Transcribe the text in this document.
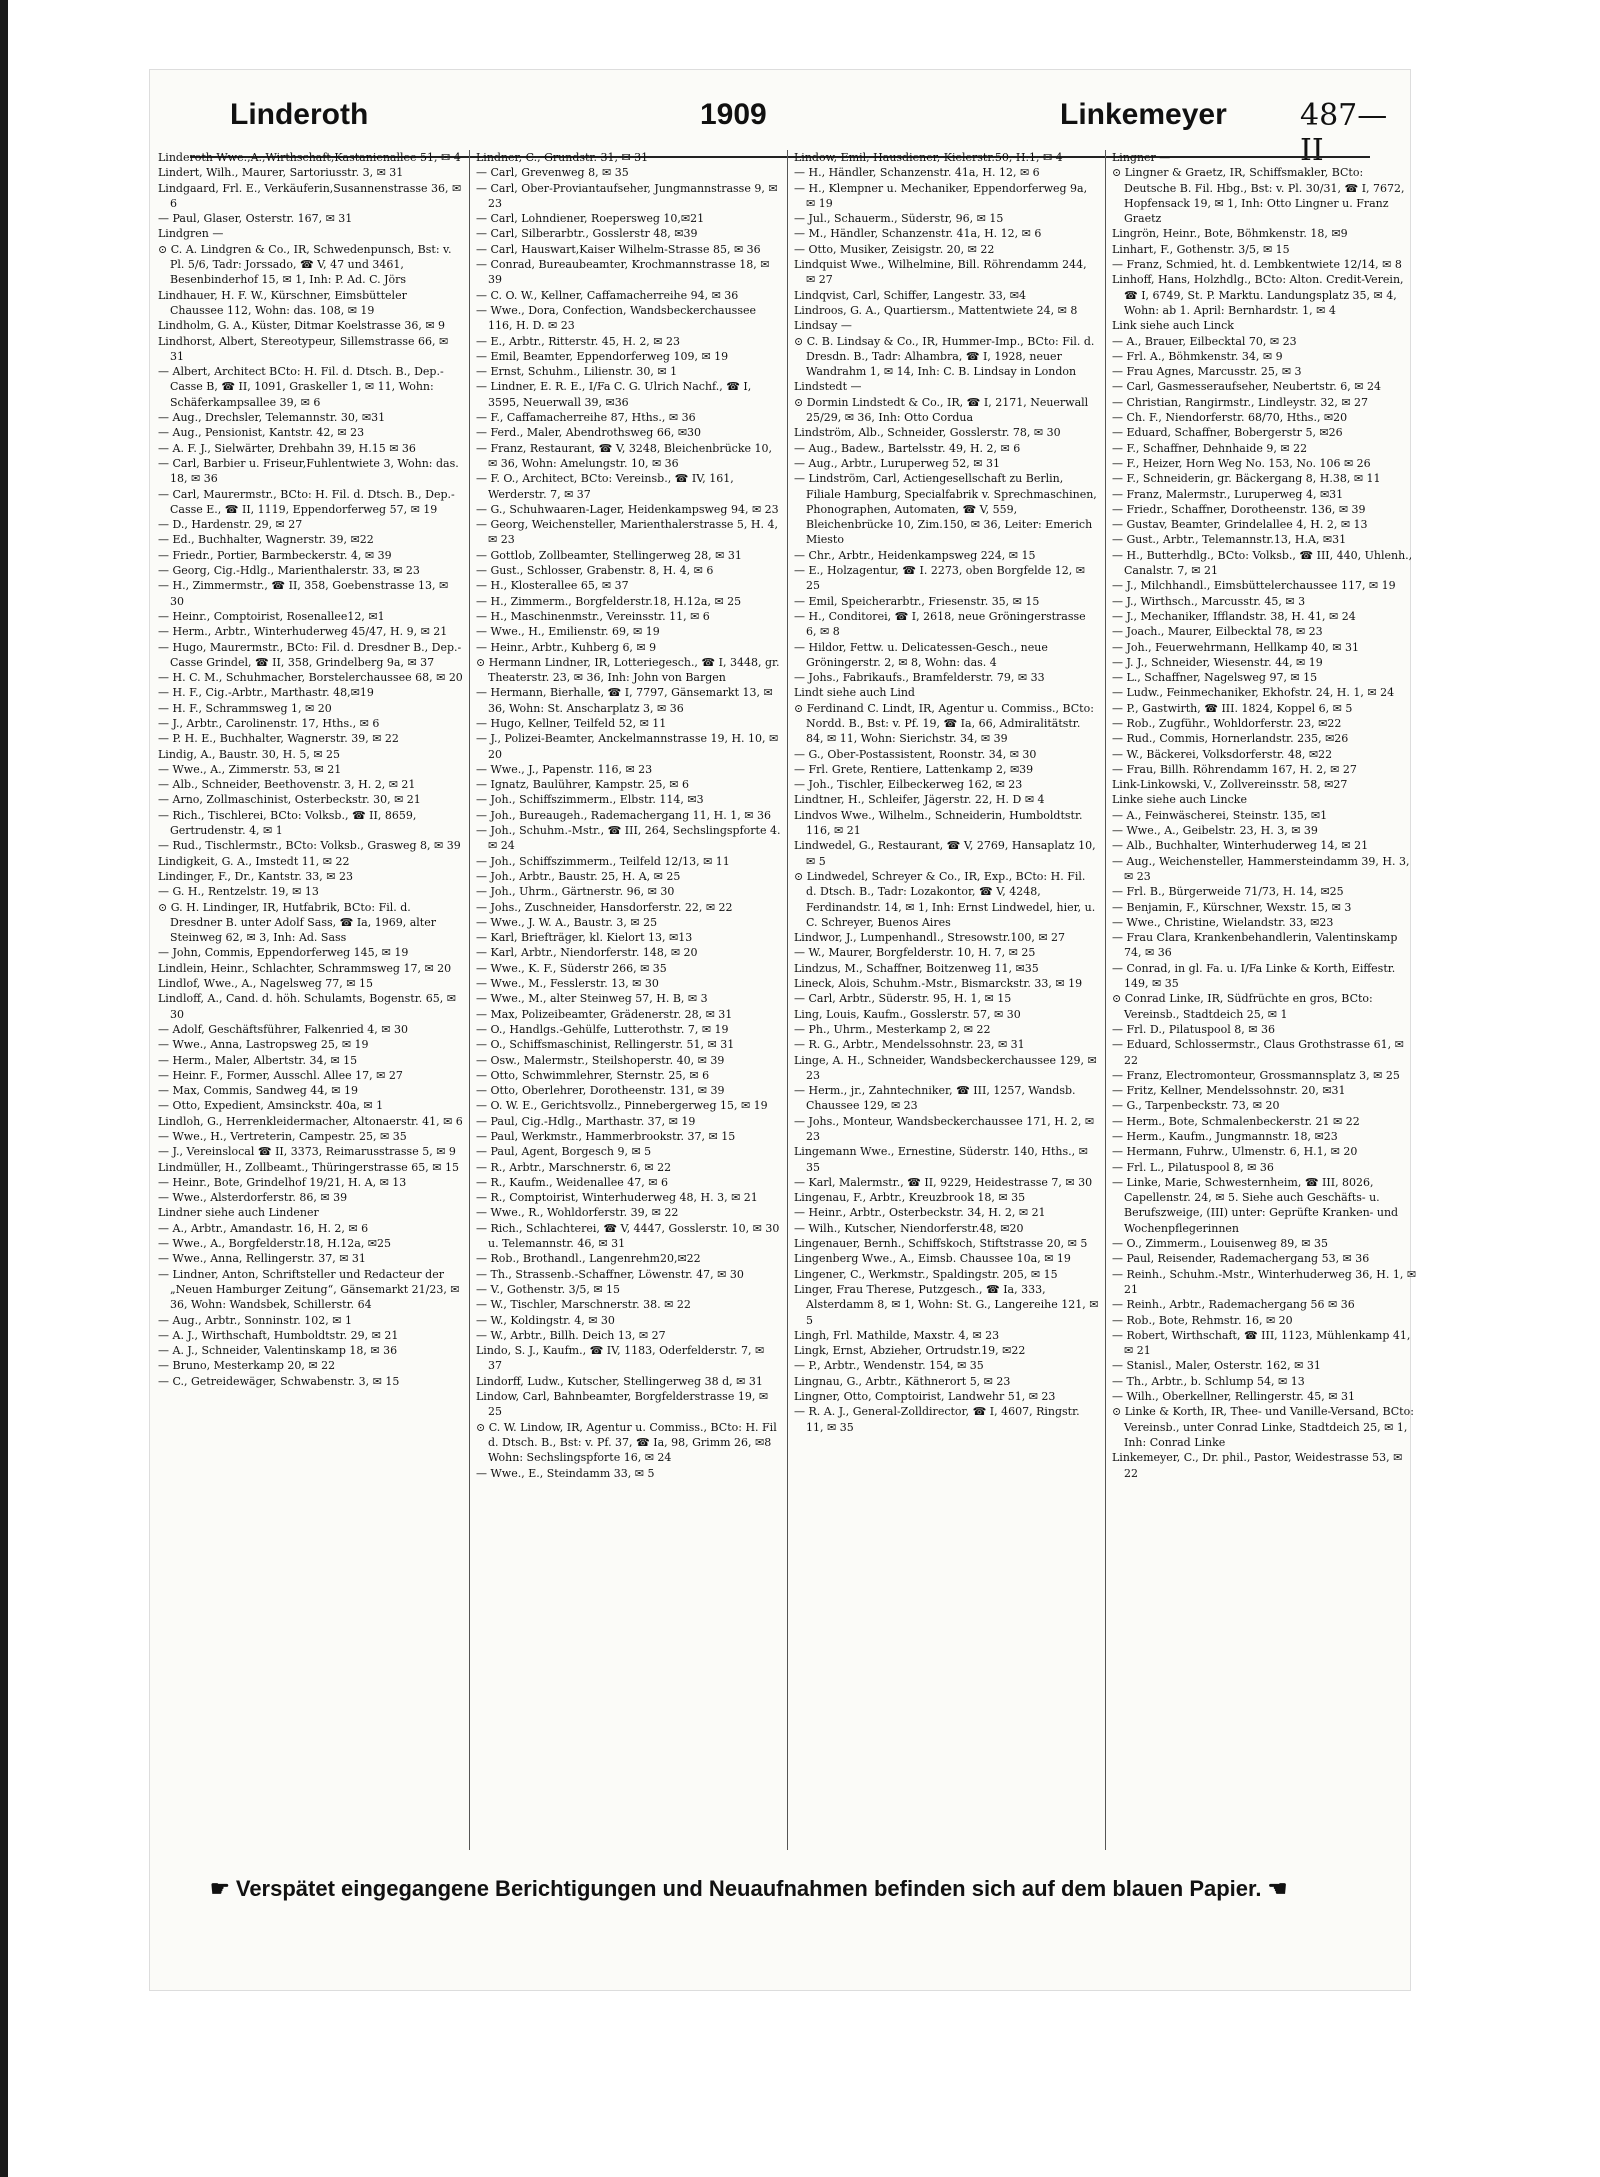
Linderoth	1909	Linkemeyer 487—II

Linderoth Wwe.,A.,Wirthschaft,Kastanienallee 51, ✉ 4

Lindert, Wilh., Maurer, Sartoriusstr. 3, ✉ 31

Lindgaard, Frl. E., Verkäuferin,Susannenstrasse 36, ✉ 6

— Paul, Glaser, Osterstr. 167, ✉ 31

Lindgren —

⊙ C. A. Lindgren & Co., IR, Schwedenpunsch, Bst: v. Pl. 5/6, Tadr: Jorssado, ☎ V, 47 und 3461, Besenbinderhof 15, ✉ 1, Inh: P. Ad. C. Jörs

Lindhauer, H. F. W., Kürschner, Eimsbütteler Chaussee 112, Wohn: das. 108, ✉ 19

Lindholm, G. A., Küster, Ditmar Koelstrasse 36, ✉ 9

Lindhorst, Albert, Stereotypeur, Sillemstrasse 66, ✉ 31

— Albert, Architect BCto: H. Fil. d. Dtsch. B., Dep.-Casse B, ☎ II, 1091, Graskeller 1, ✉ 11, Wohn: Schäferkampsallee 39, ✉ 6

— Aug., Drechsler, Telemannstr. 30, ✉31

— Aug., Pensionist, Kantstr. 42, ✉ 23

— A. F. J., Sielwärter, Drehbahn 39, H.15 ✉ 36

— Carl, Barbier u. Friseur,Fuhlentwiete 3, Wohn: das. 18, ✉ 36

— Carl, Maurermstr., BCto: H. Fil. d. Dtsch. B., Dep.-Casse E., ☎ II, 1119, Eppendorferweg 57, ✉ 19

— D., Hardenstr. 29, ✉ 27

— Ed., Buchhalter, Wagnerstr. 39, ✉22

— Friedr., Portier, Barmbeckerstr. 4, ✉ 39

— Georg, Cig.-Hdlg., Marienthalerstr. 33, ✉ 23

— H., Zimmermstr., ☎ II, 358, Goebenstrasse 13, ✉ 30

— Heinr., Comptoirist, Rosenallee12, ✉1

— Herm., Arbtr., Winterhuderweg 45/47, H. 9, ✉ 21

— Hugo, Maurermstr., BCto: Fil. d. Dresdner B., Dep.-Casse Grindel, ☎ II, 358, Grindelberg 9a, ✉ 37

— H. C. M., Schuhmacher, Borstelerchaussee 68, ✉ 20

— H. F., Cig.-Arbtr., Marthastr. 48,✉19

— H. F., Schrammsweg 1, ✉ 20

— J., Arbtr., Carolinenstr. 17, Hths., ✉ 6

— P. H. E., Buchhalter, Wagnerstr. 39, ✉ 22

Lindig, A., Baustr. 30, H. 5, ✉ 25

— Wwe., A., Zimmerstr. 53, ✉ 21

— Alb., Schneider, Beethovenstr. 3, H. 2, ✉ 21

— Arno, Zollmaschinist, Osterbeckstr. 30, ✉ 21

— Rich., Tischlerei, BCto: Volksb., ☎ II, 8659, Gertrudenstr. 4, ✉ 1

— Rud., Tischlermstr., BCto: Volksb., Grasweg 8, ✉ 39

Lindigkeit, G. A., Imstedt 11, ✉ 22

Lindinger, F., Dr., Kantstr. 33, ✉ 23

— G. H., Rentzelstr. 19, ✉ 13

⊙ G. H. Lindinger, IR, Hutfabrik, BCto: Fil. d. Dresdner B. unter Adolf Sass, ☎ Ia, 1969, alter Steinweg 62, ✉ 3, Inh: Ad. Sass

— John, Commis, Eppendorferweg 145, ✉ 19

Lindlein, Heinr., Schlachter, Schrammsweg 17, ✉ 20

Lindlof, Wwe., A., Nagelsweg 77, ✉ 15

Lindloff, A., Cand. d. höh. Schulamts, Bogenstr. 65, ✉ 30

— Adolf, Geschäftsführer, Falkenried 4, ✉ 30

— Wwe., Anna, Lastropsweg 25, ✉ 19

— Herm., Maler, Albertstr. 34, ✉ 15

— Heinr. F., Former, Ausschl. Allee 17, ✉ 27

— Max, Commis, Sandweg 44, ✉ 19

— Otto, Expedient, Amsinckstr. 40a, ✉ 1

Lindloh, G., Herrenkleidermacher, Altonaerstr. 41, ✉ 6

— Wwe., H., Vertreterin, Campestr. 25, ✉ 35

— J., Vereinslocal ☎ II, 3373, Reimarusstrasse 5, ✉ 9

Lindmüller, H., Zollbeamt., Thüringerstrasse 65, ✉ 15

— Heinr., Bote, Grindelhof 19/21, H. A, ✉ 13

— Wwe., Alsterdorferstr. 86, ✉ 39

Lindner siehe auch Lindener

— A., Arbtr., Amandastr. 16, H. 2, ✉ 6

— Wwe., A., Borgfelderstr.18, H.12a, ✉25

— Wwe., Anna, Rellingerstr. 37, ✉ 31

— Lindner, Anton, Schriftsteller und Redacteur der „Neuen Hamburger Zeitung“, Gänsemarkt 21/23, ✉ 36, Wohn: Wandsbek, Schillerstr. 64

— Aug., Arbtr., Sonninstr. 102, ✉ 1

— A. J., Wirthschaft, Humboldtstr. 29, ✉ 21

— A. J., Schneider, Valentinskamp 18, ✉ 36

— Bruno, Mesterkamp 20, ✉ 22

— C., Getreidewäger, Schwabenstr. 3, ✉ 15

Lindner, C., Grundstr. 31, ✉ 31

— Carl, Grevenweg 8, ✉ 35

— Carl, Ober-Proviantaufseher, Jungmannstrasse 9, ✉ 23

— Carl, Lohndiener, Roepersweg 10,✉21

— Carl, Silberarbtr., Gosslerstr 48, ✉39

— Carl, Hauswart,Kaiser Wilhelm-Strasse 85, ✉ 36

— Conrad, Bureaubeamter, Krochmannstrasse 18, ✉ 39

— C. O. W., Kellner, Caffamacherreihe 94, ✉ 36

— Wwe., Dora, Confection, Wandsbeckerchaussee 116, H. D. ✉ 23

— E., Arbtr., Ritterstr. 45, H. 2, ✉ 23

— Emil, Beamter, Eppendorferweg 109, ✉ 19

— Ernst, Schuhm., Lilienstr. 30, ✉ 1

— Lindner, E. R. E., I/Fa C. G. Ulrich Nachf., ☎ I, 3595, Neuerwall 39, ✉36

— F., Caffamacherreihe 87, Hths., ✉ 36

— Ferd., Maler, Abendrothsweg 66, ✉30

— Franz, Restaurant, ☎ V, 3248, Bleichenbrücke 10, ✉ 36, Wohn: Amelungstr. 10, ✉ 36

— F. O., Architect, BCto: Vereinsb., ☎ IV, 161, Werderstr. 7, ✉ 37

— G., Schuhwaaren-Lager, Heidenkampsweg 94, ✉ 23

— Georg, Weichensteller, Marienthalerstrasse 5, H. 4, ✉ 23

— Gottlob, Zollbeamter, Stellingerweg 28, ✉ 31

— Gust., Schlosser, Grabenstr. 8, H. 4, ✉ 6

— H., Klosterallee 65, ✉ 37

— H., Zimmerm., Borgfelderstr.18, H.12a, ✉ 25

— H., Maschinenmstr., Vereinsstr. 11, ✉ 6

— Wwe., H., Emilienstr. 69, ✉ 19

— Heinr., Arbtr., Kuhberg 6, ✉ 9

⊙ Hermann Lindner, IR, Lotteriegesch., ☎ I, 3448, gr. Theaterstr. 23, ✉ 36, Inh: John von Bargen

— Hermann, Bierhalle, ☎ I, 7797, Gänsemarkt 13, ✉36, Wohn: St. Anscharplatz 3, ✉ 36

— Hugo, Kellner, Teilfeld 52, ✉ 11

— J., Polizei-Beamter, Anckelmannstrasse 19, H. 10, ✉ 20

— Wwe., J., Papenstr. 116, ✉ 23

— Ignatz, Baulührer, Kampstr. 25, ✉ 6

— Joh., Schiffszimmerm., Elbstr. 114, ✉3

— Joh., Bureaugeh., Rademachergang 11, H. 1, ✉ 36

— Joh., Schuhm.-Mstr., ☎ III, 264, Sechslingspforte 4. ✉ 24

— Joh., Schiffszimmerm., Teilfeld 12/13, ✉ 11

— Joh., Arbtr., Baustr. 25, H. A, ✉ 25

— Joh., Uhrm., Gärtnerstr. 96, ✉ 30

— Johs., Zuschneider, Hansdorferstr. 22, ✉ 22

— Wwe., J. W. A., Baustr. 3, ✉ 25

— Karl, Briefträger, kl. Kielort 13, ✉13

— Karl, Arbtr., Niendorferstr. 148, ✉ 20

— Wwe., K. F., Süderstr 266, ✉ 35

— Wwe., M., Fesslerstr. 13, ✉ 30

— Wwe., M., alter Steinweg 57, H. B, ✉ 3

— Max, Polizeibeamter, Grädenerstr. 28, ✉ 31

— O., Handlgs.-Gehülfe, Lutterothstr. 7, ✉ 19

— O., Schiffsmaschinist, Rellingerstr. 51, ✉ 31

— Osw., Malermstr., Steilshoperstr. 40, ✉ 39

— Otto, Schwimmlehrer, Sternstr. 25, ✉ 6

— Otto, Oberlehrer, Dorotheenstr. 131, ✉ 39

— O. W. E., Gerichtsvollz., Pinnebergerweg 15, ✉ 19

— Paul, Cig.-Hdlg., Marthastr. 37, ✉ 19

— Paul, Werkmstr., Hammerbrookstr. 37, ✉ 15

— Paul, Agent, Borgesch 9, ✉ 5

— R., Arbtr., Marschnerstr. 6, ✉ 22

— R., Kaufm., Weidenallee 47, ✉ 6

— R., Comptoirist, Winterhuderweg 48, H. 3, ✉ 21

— Wwe., R., Wohldorferstr. 39, ✉ 22

— Rich., Schlachterei, ☎ V, 4447, Gosslerstr. 10, ✉ 30 u. Telemannstr. 46, ✉ 31

— Rob., Brothandl., Langenrehm20,✉22

— Th., Strassenb.-Schaffner, Löwenstr. 47, ✉ 30

— V., Gothenstr. 3/5, ✉ 15

— W., Tischler, Marschnerstr. 38. ✉ 22

— W., Koldingstr. 4, ✉ 30

— W., Arbtr., Billh. Deich 13, ✉ 27

Lindo, S. J., Kaufm., ☎ IV, 1183, Oderfelderstr. 7, ✉ 37

Lindorff, Ludw., Kutscher, Stellingerweg 38 d, ✉ 31

Lindow, Carl, Bahnbeamter, Borgfelderstrasse 19, ✉ 25

⊙ C. W. Lindow, IR, Agentur u. Commiss., BCto: H. Fil d. Dtsch. B., Bst: v. Pf. 37, ☎ Ia, 98, Grimm 26, ✉8 Wohn: Sechslingspforte 16, ✉ 24

— Wwe., E., Steindamm 33, ✉ 5

Lindow, Emil, Hausdiener, Kielerstr.50, H.1, ✉ 4

— H., Händler, Schanzenstr. 41a, H. 12, ✉ 6

— H., Klempner u. Mechaniker, Eppendorferweg 9a, ✉ 19

— Jul., Schauerm., Süderstr, 96, ✉ 15

— M., Händler, Schanzenstr. 41a, H. 12, ✉ 6

— Otto, Musiker, Zeisigstr. 20, ✉ 22

Lindquist Wwe., Wilhelmine, Bill. Röhrendamm 244, ✉ 27

Lindqvist, Carl, Schiffer, Langestr. 33, ✉4

Lindroos, G. A., Quartiersm., Mattentwiete 24, ✉ 8

Lindsay —

⊙ C. B. Lindsay & Co., IR, Hummer-Imp., BCto: Fil. d. Dresdn. B., Tadr: Alhambra, ☎ I, 1928, neuer Wandrahm 1, ✉ 14, Inh: C. B. Lindsay in London

Lindstedt —

⊙ Dormin Lindstedt & Co., IR, ☎ I, 2171, Neuerwall 25/29, ✉ 36, Inh: Otto Cordua

Lindström, Alb., Schneider, Gosslerstr. 78, ✉ 30

— Aug., Badew., Bartelsstr. 49, H. 2, ✉ 6

— Aug., Arbtr., Luruperweg 52, ✉ 31

— Lindström, Carl, Actiengesellschaft zu Berlin, Filiale Hamburg, Specialfabrik v. Sprechmaschinen, Phonographen, Automaten, ☎ V, 559, Bleichenbrücke 10, Zim.150, ✉ 36, Leiter: Emerich Miesto

— Chr., Arbtr., Heidenkampsweg 224, ✉ 15

— E., Holzagentur, ☎ I. 2273, oben Borgfelde 12, ✉ 25

— Emil, Speicherarbtr., Friesenstr. 35, ✉ 15

— H., Conditorei, ☎ I, 2618, neue Gröningerstrasse 6, ✉ 8

— Hildor, Fettw. u. Delicatessen-Gesch., neue Gröningerstr. 2, ✉ 8, Wohn: das. 4

— Johs., Fabrikaufs., Bramfelderstr. 79, ✉ 33

Lindt siehe auch Lind

⊙ Ferdinand C. Lindt, IR, Agentur u. Commiss., BCto: Nordd. B., Bst: v. Pf. 19, ☎ Ia, 66, Admiralitätstr. 84, ✉ 11, Wohn: Sierichstr. 34, ✉ 39

— G., Ober-Postassistent, Roonstr. 34, ✉ 30

— Frl. Grete, Rentiere, Lattenkamp 2, ✉39

— Joh., Tischler, Eilbeckerweg 162, ✉ 23

Lindtner, H., Schleifer, Jägerstr. 22, H. D ✉ 4

Lindvos Wwe., Wilhelm., Schneiderin, Humboldtstr. 116, ✉ 21

Lindwedel, G., Restaurant, ☎ V, 2769, Hansaplatz 10, ✉ 5

⊙ Lindwedel, Schreyer & Co., IR, Exp., BCto: H. Fil. d. Dtsch. B., Tadr: Lozakontor, ☎ V, 4248, Ferdinandstr. 14, ✉ 1, Inh: Ernst Lindwedel, hier, u. C. Schreyer, Buenos Aires

Lindwor, J., Lumpenhandl., Stresowstr.100, ✉ 27

— W., Maurer, Borgfelderstr. 10, H. 7, ✉ 25

Lindzus, M., Schaffner, Boitzenweg 11, ✉35

Lineck, Alois, Schuhm.-Mstr., Bismarckstr. 33, ✉ 19

— Carl, Arbtr., Süderstr. 95, H. 1, ✉ 15

Ling, Louis, Kaufm., Gosslerstr. 57, ✉ 30

— Ph., Uhrm., Mesterkamp 2, ✉ 22

— R. G., Arbtr., Mendelssohnstr. 23, ✉ 31

Linge, A. H., Schneider, Wandsbeckerchaussee 129, ✉ 23

— Herm., jr., Zahntechniker, ☎ III, 1257, Wandsb. Chaussee 129, ✉ 23

— Johs., Monteur, Wandsbeckerchaussee 171, H. 2, ✉ 23

Lingemann Wwe., Ernestine, Süderstr. 140, Hths., ✉ 35

— Karl, Malermstr., ☎ II, 9229, Heidestrasse 7, ✉ 30

Lingenau, F., Arbtr., Kreuzbrook 18, ✉ 35

— Heinr., Arbtr., Osterbeckstr. 34, H. 2, ✉ 21

— Wilh., Kutscher, Niendorferstr.48, ✉20

Lingenauer, Bernh., Schiffskoch, Stiftstrasse 20, ✉ 5

Lingenberg Wwe., A., Eimsb. Chaussee 10a, ✉ 19

Lingener, C., Werkmstr., Spaldingstr. 205, ✉ 15

Linger, Frau Therese, Putzgesch., ☎ Ia, 333, Alsterdamm 8, ✉ 1, Wohn: St. G., Langereihe 121, ✉ 5

Lingh, Frl. Mathilde, Maxstr. 4, ✉ 23

Lingk, Ernst, Abzieher, Ortrudstr.19, ✉22

— P., Arbtr., Wendenstr. 154, ✉ 35

Lingnau, G., Arbtr., Käthnerort 5, ✉ 23

Lingner, Otto, Comptoirist, Landwehr 51, ✉ 23

— R. A. J., General-Zolldirector, ☎ I, 4607, Ringstr. 11, ✉ 35

Lingner —

⊙ Lingner & Graetz, IR, Schiffsmakler, BCto: Deutsche B. Fil. Hbg., Bst: v. Pl. 30/31, ☎ I, 7672, Hopfensack 19, ✉ 1, Inh: Otto Lingner u. Franz Graetz

Lingrön, Heinr., Bote, Böhmkenstr. 18, ✉9

Linhart, F., Gothenstr. 3/5, ✉ 15

— Franz, Schmied, ht. d. Lembkentwiete 12/14, ✉ 8

Linhoff, Hans, Holzhdlg., BCto: Alton. Credit-Verein, ☎ I, 6749, St. P. Marktu. Landungsplatz 35, ✉ 4, Wohn: ab 1. April: Bernhardstr. 1, ✉ 4

Link siehe auch Linck

— A., Brauer, Eilbecktal 70, ✉ 23

— Frl. A., Böhmkenstr. 34, ✉ 9

— Frau Agnes, Marcusstr. 25, ✉ 3

— Carl, Gasmesseraufseher, Neubertstr. 6, ✉ 24

— Christian, Rangirmstr., Lindleystr. 32, ✉ 27

— Ch. F., Niendorferstr. 68/70, Hths., ✉20

— Eduard, Schaffner, Bobergerstr 5, ✉26

— F., Schaffner, Dehnhaide 9, ✉ 22

— F., Heizer, Horn Weg No. 153, No. 106 ✉ 26

— F., Schneiderin, gr. Bäckergang 8, H.38, ✉ 11

— Franz, Malermstr., Luruperweg 4, ✉31

— Friedr., Schaffner, Dorotheenstr. 136, ✉ 39

— Gustav, Beamter, Grindelallee 4, H. 2, ✉ 13

— Gust., Arbtr., Telemannstr.13, H.A, ✉31

— H., Butterhdlg., BCto: Volksb., ☎ III, 440, Uhlenh., Canalstr. 7, ✉ 21

— J., Milchhandl., Eimsbüttelerchaussee 117, ✉ 19

— J., Wirthsch., Marcusstr. 45, ✉ 3

— J., Mechaniker, Ifflandstr. 38, H. 41, ✉ 24

— Joach., Maurer, Eilbecktal 78, ✉ 23

— Joh., Feuerwehrmann, Hellkamp 40, ✉ 31

— J. J., Schneider, Wiesenstr. 44, ✉ 19

— L., Schaffner, Nagelsweg 97, ✉ 15

— Ludw., Feinmechaniker, Ekhofstr. 24, H. 1, ✉ 24

— P., Gastwirth, ☎ III. 1824, Koppel 6, ✉ 5

— Rob., Zugführ., Wohldorferstr. 23, ✉22

— Rud., Commis, Hornerlandstr. 235, ✉26

— W., Bäckerei, Volksdorferstr. 48, ✉22

— Frau, Billh. Röhrendamm 167, H. 2, ✉ 27

Link-Linkowski, V., Zollvereinsstr. 58, ✉27

Linke siehe auch Lincke

— A., Feinwäscherei, Steinstr. 135, ✉1

— Wwe., A., Geibelstr. 23, H. 3, ✉ 39

— Alb., Buchhalter, Winterhuderweg 14, ✉ 21

— Aug., Weichensteller, Hammersteindamm 39, H. 3, ✉ 23

— Frl. B., Bürgerweide 71/73, H. 14, ✉25

— Benjamin, F., Kürschner, Wexstr. 15, ✉ 3

— Wwe., Christine, Wielandstr. 33, ✉23

— Frau Clara, Krankenbehandlerin, Valentinskamp 74, ✉ 36

— Conrad, in gl. Fa. u. I/Fa Linke & Korth, Eiffestr. 149, ✉ 35

⊙ Conrad Linke, IR, Südfrüchte en gros, BCto: Vereinsb., Stadtdeich 25, ✉ 1

— Frl. D., Pilatuspool 8, ✉ 36

— Eduard, Schlossermstr., Claus Grothstrasse 61, ✉ 22

— Franz, Electromonteur, Grossmannsplatz 3, ✉ 25

— Fritz, Kellner, Mendelssohnstr. 20, ✉31

— G., Tarpenbeckstr. 73, ✉ 20

— Herm., Bote, Schmalenbeckerstr. 21 ✉ 22

— Herm., Kaufm., Jungmannstr. 18, ✉23

— Hermann, Fuhrw., Ulmenstr. 6, H.1, ✉ 20

— Frl. L., Pilatuspool 8, ✉ 36

— Linke, Marie, Schwesternheim, ☎ III, 8026, Capellenstr. 24, ✉ 5. Siehe auch Geschäfts- u. Berufszweige, (III) unter: Geprüfte Kranken- und Wochenpflegerinnen

— O., Zimmerm., Louisenweg 89, ✉ 35

— Paul, Reisender, Rademachergang 53, ✉ 36

— Reinh., Schuhm.-Mstr., Winterhuderweg 36, H. 1, ✉ 21

— Reinh., Arbtr., Rademachergang 56 ✉ 36

— Rob., Bote, Rehmstr. 16, ✉ 20

— Robert, Wirthschaft, ☎ III, 1123, Mühlenkamp 41, ✉ 21

— Stanisl., Maler, Osterstr. 162, ✉ 31

— Th., Arbtr., b. Schlump 54, ✉ 13

— Wilh., Oberkellner, Rellingerstr. 45, ✉ 31

⊙ Linke & Korth, IR, Thee- und Vanille-Versand, BCto: Vereinsb., unter Conrad Linke, Stadtdeich 25, ✉ 1, Inh: Conrad Linke

Linkemeyer, C., Dr. phil., Pastor, Weidestrasse 53, ✉ 22

☛ Verspätet eingegangene Berichtigungen und Neuaufnahmen befinden sich auf dem blauen Papier. ☚
